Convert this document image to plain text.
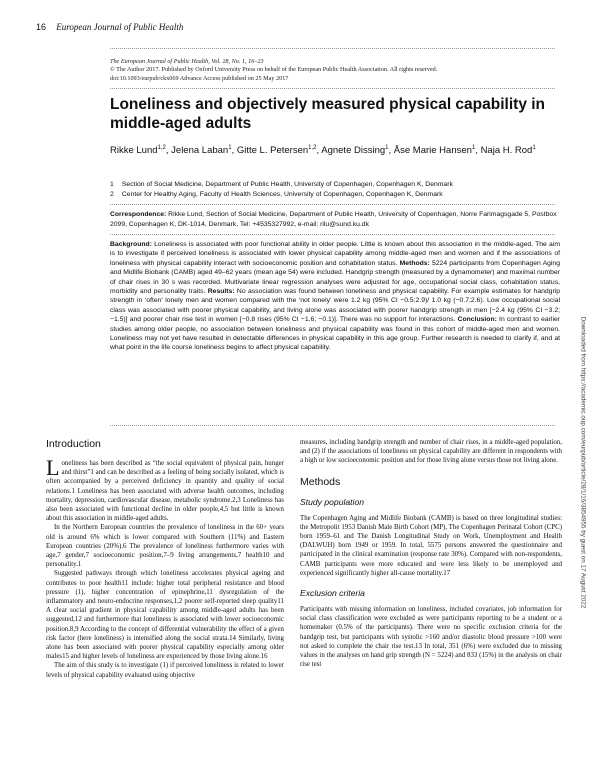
16 European Journal of Public Health
The European Journal of Public Health, Vol. 28, No. 1, 16–23
© The Author 2017. Published by Oxford University Press on behalf of the European Public Health Association. All rights reserved.
doi:10.1093/eurpub/ckx069 Advance Access published on 25 May 2017
Loneliness and objectively measured physical capability in middle-aged adults
Rikke Lund$^{1,2}$, Jelena Laban$^1$, Gitte L. Petersen$^{1,2}$, Agnete Dissing$^1$, Åse Marie Hansen$^1$, Naja H. Rod$^1$
1 Section of Social Medicine, Department of Public Health, University of Copenhagen, Copenhagen K, Denmark
2 Center for Healthy Aging, Faculty of Health Sciences, University of Copenhagen, Copenhagen K, Denmark
Correspondence: Rikke Lund, Section of Social Medicine, Department of Public Health, University of Copenhagen, Norre Farimagsgade 5, Postbox 2099, Copenhagen K, DK-1014, Denmark, Tel: +4535327992, e-mail: rilu@sund.ku.dk
Background: Loneliness is associated with poor functional ability in older people. Little is known about this association in the middle-aged. The aim is to investigate if perceived loneliness is associated with lower physical capability among middle-aged men and women and if the associations of loneliness with physical capability interact with socioeconomic position and cohabitation status. Methods: 5224 participants from Copenhagen Aging and Midlife Biobank (CAMB) aged 49–62 years (mean age 54) were included. Handgrip strength (measured by a dynamometer) and maximal number of chair rises in 30 s was recorded. Multivariate linear regression analyses were adjusted for age, occupational social class, cohabitation status, morbidity and personality traits. Results: No association was found between loneliness and physical capability. For example estimates for handgrip strength in ‘often’ lonely men and women compared with the ‘not lonely’ were 1.2 kg (95% CI −0.5;2.9)/ 1.0 kg (−0.7;2.6). Low occupational social class was associated with poorer physical capability, and living alone was associated with poorer handgrip strength in men [−2.4 kg (95% CI −3.2; −1.5)] and poorer chair rise test in women [−0.8 rises (95% CI −1.6; −0.1)]. There was no support for interactions. Conclusion: In contrast to earlier studies among older people, no association between loneliness and physical capability was found in this cohort of middle-aged men and women. Loneliness may not yet have resulted in detectable differences in physical capability in this age group. Further research is needed to clarify if, and at what point in the life course loneliness begins to affect physical capability.	Downloaded from https://academic.oup.com/eurpub/article/28/1/16/3854955 by guest on 17 August 2022
Introduction

Loneliness has been described as “the social equivalent of physical pain, hunger and thirst”1 and can be described as a feeling of being socially isolated, which is often accompanied by a perceived deficiency in quantity and quality of social relations.1 Loneliness has been associated with adverse health outcomes, including mortality, depression, cardiovascular disease, metabolic syndrome.2,3 Loneliness has also been associated with functional decline in older people,4,5 but little is known about this association in middle-aged adults.

In the Northern European countries the prevalence of loneliness in the 60+ years old is around 6% which is lower compared with Southern (11%) and Eastern European countries (20%).6 The prevalence of loneliness furthermore varies with age,7 gender,7 socioeconomic position,7–9 living arrangements,7 health10 and personality.1

Suggested pathways through which loneliness accelerates physical ageing and contributes to poor health11 include: higher total peripheral resistance and blood pressure (1), higher concentration of epinephrine,11 dysregulation of the inflammatory and neuro-endocrine responses,1,2 poorer self-reported sleep quality11 A clear social gradient in physical capability among middle-aged adults has been suggested,12 and furthermore that loneliness is associated with lower socioeconomic position.8,9 According to the concept of differential vulnerability the effect of a given risk factor (here loneliness) is intensified along the social strata.14 Similarly, living alone has been associated with poorer physical capability especially among older males15 and higher levels of loneliness are experienced by those living alone.16

The aim of this study is to investigate (1) if perceived loneliness is related to lower levels of physical capability evaluated using objective

measures, including handgrip strength and number of chair rises, in a middle-aged population, and (2) if the associations of loneliness on physical capability are different in respondents with a high or low socioeconomic position and for those living alone versus those not living alone.

Methods
Study population

The Copenhagen Aging and Midlife Biobank (CAMB) is based on three longitudinal studies: the Metropolit 1953 Danish Male Birth Cohort (MP), The Copenhagen Perinatal Cohort (CPC) born 1959–61 and The Danish Longitudinal Study on Work, Unemployment and Health (DALWUH) born 1949 or 1959. In total, 5575 persons answered the questionnaire and participated in the clinical examination (response rate 30%). Compared with non-respondents, CAMB participants were more educated and were less likely to be unemployed and experienced significantly higher all-cause mortality.17

Exclusion criteria

Participants with missing information on loneliness, included covariates, job information for social class classification were excluded as were participants reporting to be a student or a homemaker (0.5% of the participants). There were no specific exclusion criteria for the handgrip test, but participants with systolic >160 and/or diastolic blood pressure >100 were not asked to complete the chair rise test.13 In total, 351 (6%) were excluded due to missing values in the analyses on hand grip strength (N = 5224) and 833 (15%) in the analysis on chair rise test
